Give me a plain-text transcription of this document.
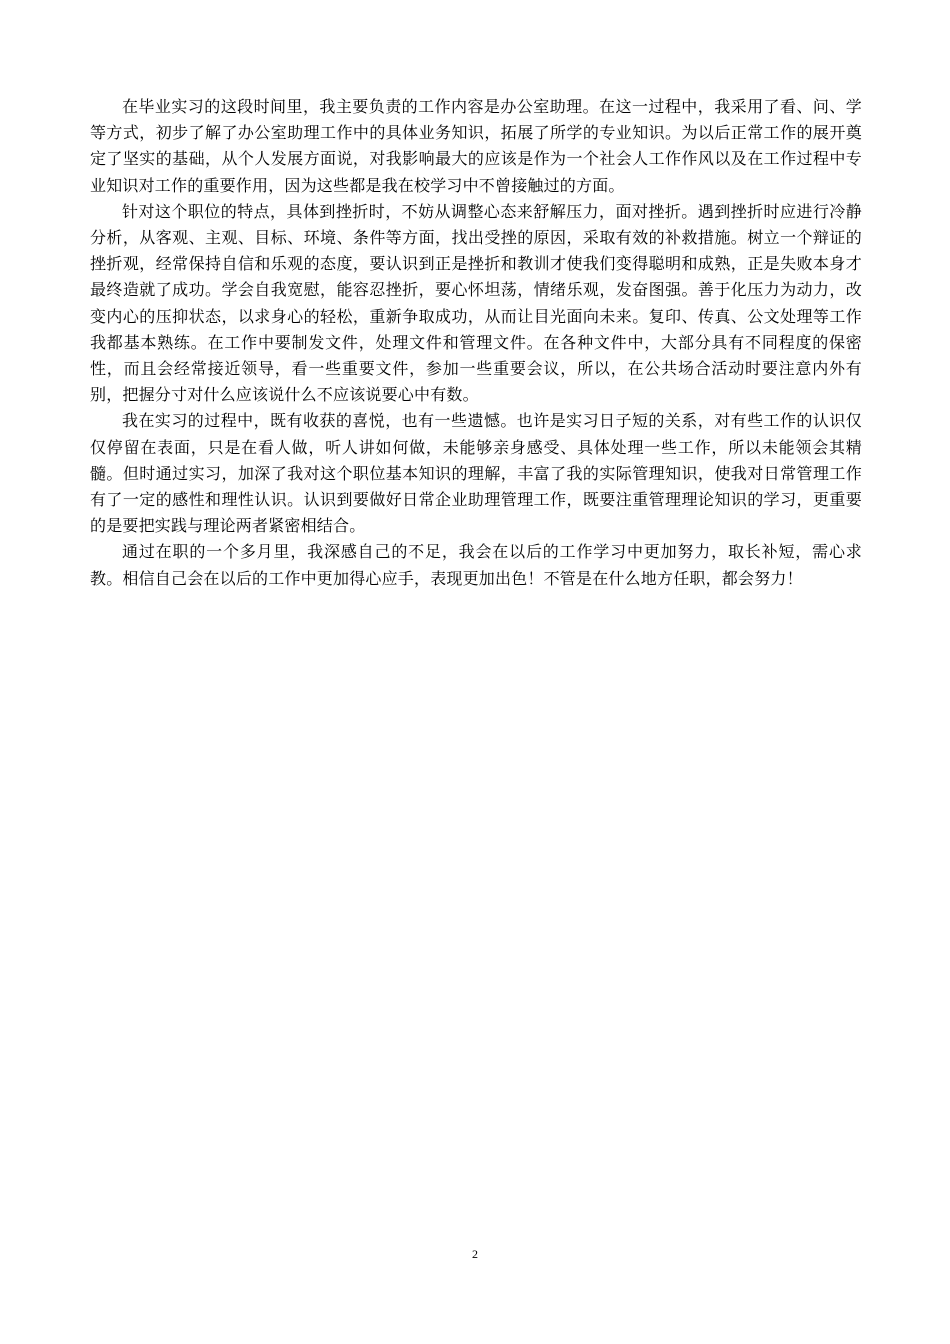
在毕业实习的这段时间里，我主要负责的工作内容是办公室助理。在这一过程中，我采用了看、问、学等方式，初步了解了办公室助理工作中的具体业务知识，拓展了所学的专业知识。为以后正常工作的展开奠定了坚实的基础，从个人发展方面说，对我影响最大的应该是作为一个社会人工作作风以及在工作过程中专业知识对工作的重要作用，因为这些都是我在校学习中不曾接触过的方面。

针对这个职位的特点，具体到挫折时，不妨从调整心态来舒解压力，面对挫折。遇到挫折时应进行冷静分析，从客观、主观、目标、环境、条件等方面，找出受挫的原因，采取有效的补救措施。树立一个辩证的挫折观，经常保持自信和乐观的态度，要认识到正是挫折和教训才使我们变得聪明和成熟，正是失败本身才最终造就了成功。学会自我宽慰，能容忍挫折，要心怀坦荡，情绪乐观，发奋图强。善于化压力为动力，改变内心的压抑状态，以求身心的轻松，重新争取成功，从而让目光面向未来。复印、传真、公文处理等工作我都基本熟练。在工作中要制发文件，处理文件和管理文件。在各种文件中，大部分具有不同程度的保密性，而且会经常接近领导，看一些重要文件，参加一些重要会议，所以，在公共场合活动时要注意内外有别，把握分寸对什么应该说什么不应该说要心中有数。

我在实习的过程中，既有收获的喜悦，也有一些遗憾。也许是实习日子短的关系，对有些工作的认识仅仅停留在表面，只是在看人做，听人讲如何做，未能够亲身感受、具体处理一些工作，所以未能领会其精髓。但时通过实习，加深了我对这个职位基本知识的理解，丰富了我的实际管理知识，使我对日常管理工作有了一定的感性和理性认识。认识到要做好日常企业助理管理工作，既要注重管理理论知识的学习，更重要的是要把实践与理论两者紧密相结合。

通过在职的一个多月里，我深感自己的不足，我会在以后的工作学习中更加努力，取长补短，需心求教。相信自己会在以后的工作中更加得心应手，表现更加出色！不管是在什么地方任职，都会努力！

2
